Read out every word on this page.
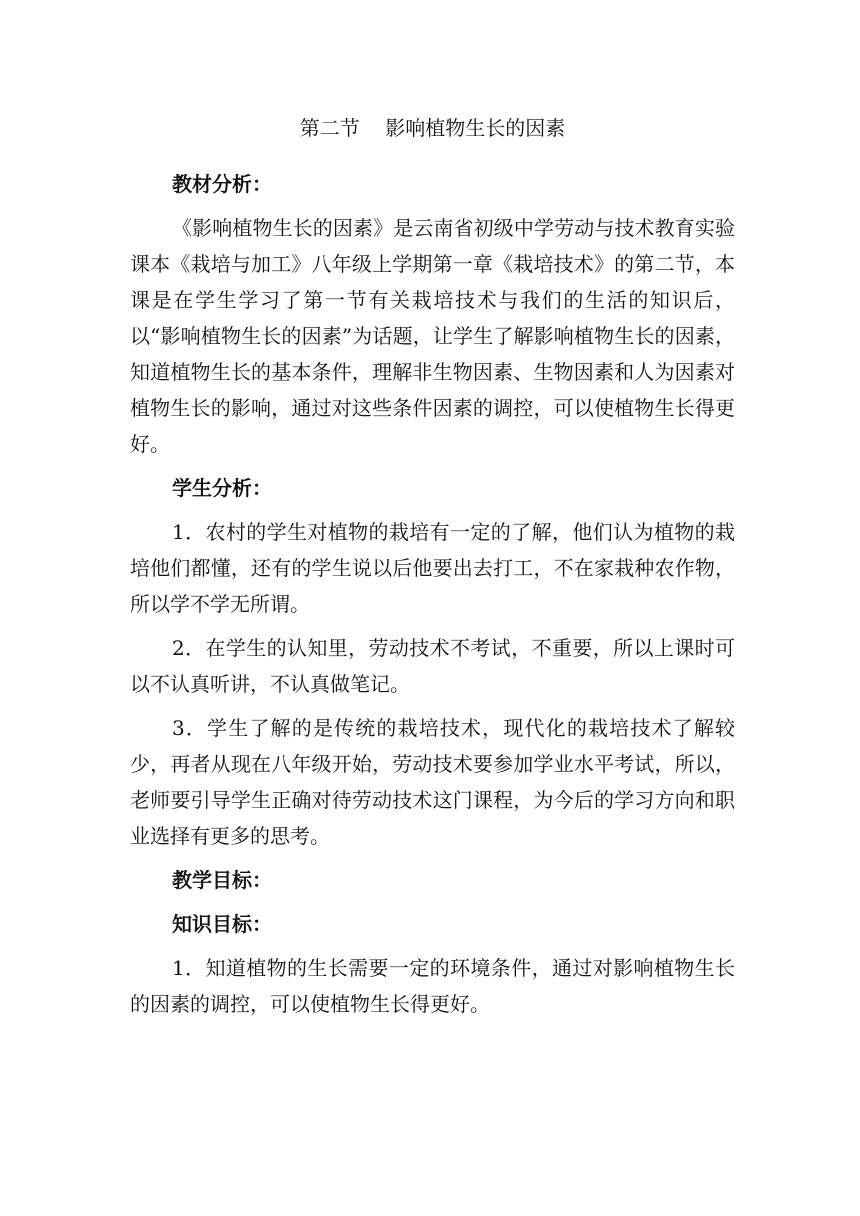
第二节    影响植物生长的因素
教材分析：

《影响植物生长的因素》是云南省初级中学劳动与技术教育实验课本《栽培与加工》八年级上学期第一章《栽培技术》的第二节，本课是在学生学习了第一节有关栽培技术与我们的生活的知识后，以“影响植物生长的因素”为话题，让学生了解影响植物生长的因素，知道植物生长的基本条件，理解非生物因素、生物因素和人为因素对植物生长的影响，通过对这些条件因素的调控，可以使植物生长得更好。

学生分析：

1．农村的学生对植物的栽培有一定的了解，他们认为植物的栽培他们都懂，还有的学生说以后他要出去打工，不在家栽种农作物，所以学不学无所谓。

2．在学生的认知里，劳动技术不考试，不重要，所以上课时可以不认真听讲，不认真做笔记。

3．学生了解的是传统的栽培技术，现代化的栽培技术了解较少，再者从现在八年级开始，劳动技术要参加学业水平考试，所以，老师要引导学生正确对待劳动技术这门课程，为今后的学习方向和职业选择有更多的思考。

教学目标：
知识目标：

1．知道植物的生长需要一定的环境条件，通过对影响植物生长的因素的调控，可以使植物生长得更好。
